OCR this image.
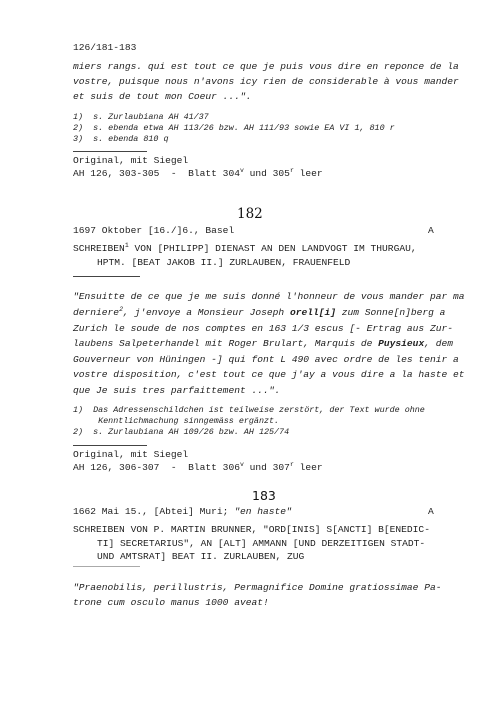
126/181-183
miers rangs. qui est tout ce que je puis vous dire en reponce de la
vostre, puisque nous n'avons icy rien de considerable à vous mander
et suis de tout mon Coeur ...".
1)  s. Zurlaubiana AH 41/37
2)  s. ebenda etwa AH 113/26 bzw. AH 111/93 sowie EA VI 1, 810 r
3)  s. ebenda 810 q
Original, mit Siegel
AH 126, 303-305  -  Blatt 304$^v$ und 305$^r$ leer
182
1697 Oktober [16./]6., Basel	A
SCHREIBEN$^1$ VON [PHILIPP] DIENAST AN DEN LANDVOGT IM THURGAU,
HPTM. [BEAT JAKOB II.] ZURLAUBEN, FRAUENFELD
"Ensuitte de ce que je me suis donné l'honneur de vous mander par ma
derniere$^2$, j'envoye a Monsieur Joseph orell[i] zum Sonne[n]berg a
Zurich le soude de nos comptes en 163 1/3 escus [- Ertrag aus Zur-
laubens Salpeterhandel mit Roger Brulart, Marquis de Puysieux, dem
Gouverneur von Hüningen -] qui font L 490 avec ordre de les tenir a
vostre disposition, c'est tout ce que j'ay a vous dire a la haste et
que Je suis tres parfaittement ...".
1)  Das Adressenschildchen ist teilweise zerstört, der Text wurde ohne
Kenntlichmachung sinngemäss ergänzt.
2)  s. Zurlaubiana AH 109/26 bzw. AH 125/74
Original, mit Siegel
AH 126, 306-307  -  Blatt 306$^v$ und 307$^r$ leer
183
1662 Mai 15., [Abtei] Muri; "en haste"	A
SCHREIBEN VON P. MARTIN BRUNNER, "ORD[INIS] S[ANCTI] B[ENEDIC-
TI] SECRETARIUS", AN [ALT] AMMANN [UND DERZEITIGEN STADT-
UND AMTSRAT] BEAT II. ZURLAUBEN, ZUG
"Praenobilis, perillustris, Permagnifice Domine gratiossimae Pa-
trone cum osculo manus 1000 aveat!
